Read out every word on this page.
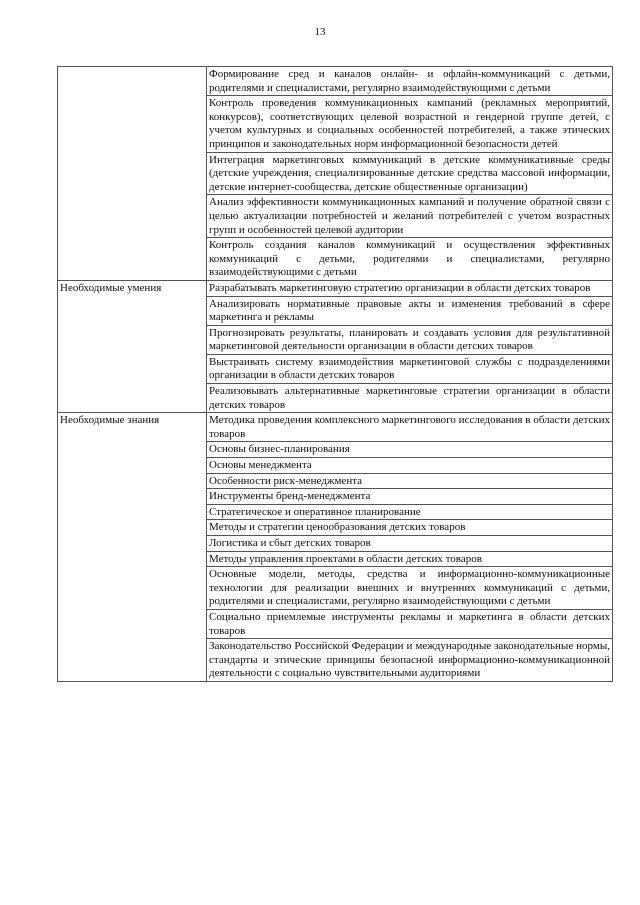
13
	Формирование сред и каналов онлайн- и офлайн-коммуникаций с детьми, родителями и специалистами, регулярно взаимодействующими с детьми
	Контроль проведения коммуникационных кампаний (рекламных мероприятий, конкурсов), соответствующих целевой возрастной и гендерной группе детей, с учетом культурных и социальных особенностей потребителей, а также этических принципов и законодательных норм информационной безопасности детей
	Интеграция маркетинговых коммуникаций в детские коммуникативные среды (детские учреждения, специализированные детские средства массовой информации, детские интернет-сообщества, детские общественные организации)
	Анализ эффективности коммуникационных кампаний и получение обратной связи с целью актуализации потребностей и желаний потребителей с учетом возрастных групп и особенностей целевой аудитории
	Контроль создания каналов коммуникаций и осуществления эффективных коммуникаций с детьми, родителями и специалистами, регулярно взаимодействующими с детьми
Необходимые умения	Разрабатывать маркетинговую стратегию организации в области детских товаров
	Анализировать нормативные правовые акты и изменения требований в сфере маркетинга и рекламы
	Прогнозировать результаты, планировать и создавать условия для результативной маркетинговой деятельности организации в области детских товаров
	Выстраивать систему взаимодействия маркетинговой службы с подразделениями организации в области детских товаров
	Реализовывать альтернативные маркетинговые стратегии организации в области детских товаров
Необходимые знания	Методика проведения комплексного маркетингового исследования в области детских товаров
	Основы бизнес-планирования
	Основы менеджмента
	Особенности риск-менеджмента
	Инструменты бренд-менеджмента
	Стратегическое и оперативное планирование
	Методы и стратегии ценообразования детских товаров
	Логистика и сбыт детских товаров
	Методы управления проектами в области детских товаров
	Основные модели, методы, средства и информационно-коммуникационные технологии для реализации внешних и внутренних коммуникаций с детьми, родителями и специалистами, регулярно взаимодействующими с детьми
	Социально приемлемые инструменты рекламы и маркетинга в области детских товаров
	Законодательство Российской Федерации и международные законодательные нормы, стандарты и этические принципы безопасной информационно-коммуникационной деятельности с социально чувствительными аудиториями
